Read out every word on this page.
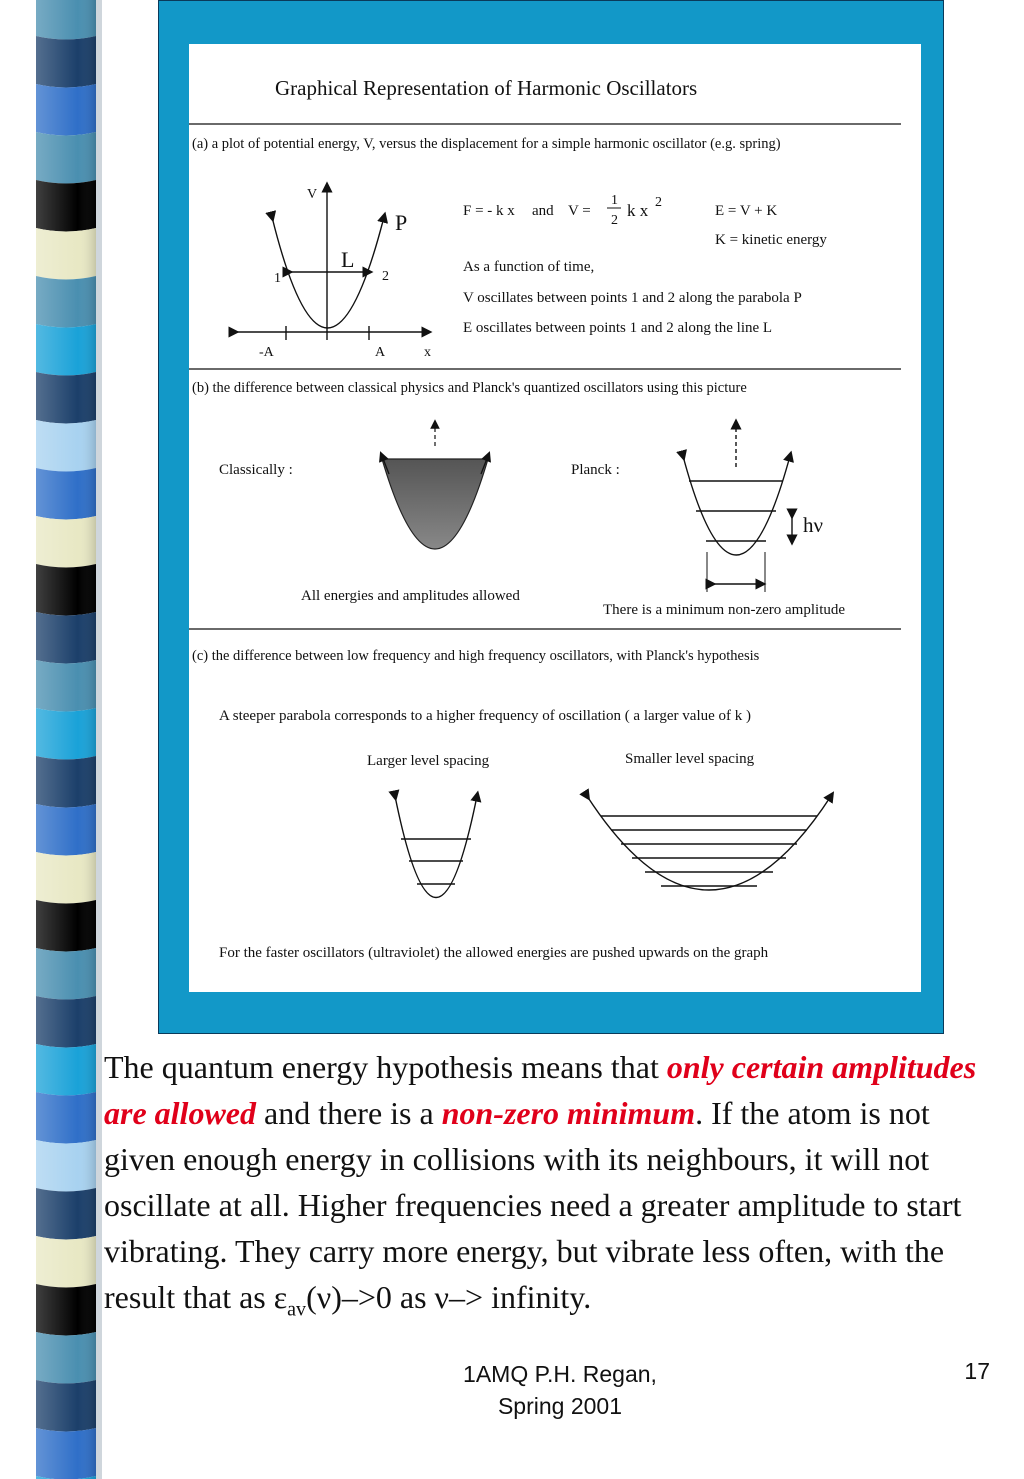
Graphical Representation of Harmonic Oscillators
(a) a plot of potential energy, V, versus the displacement for a simple harmonic oscillator (e.g. spring)
V
P
L
1	2
-A	A	x
F = - k x and V =
1
2
k x 2
E = V + K
K = kinetic energy
As a function of time,
V oscillates between points 1 and 2 along the parabola P
E oscillates between points 1 and 2 along the line L
(b) the difference between classical physics and Planck's quantized oscillators using this picture
Classically :
All energies and amplitudes allowed
Planck :
hν
There is a minimum non-zero amplitude
(c) the difference between low frequency and high frequency oscillators, with Planck's hypothesis
A steeper parabola corresponds to a higher frequency of oscillation ( a larger value of k )
Larger level spacing	Smaller level spacing
For the faster oscillators (ultraviolet) the allowed energies are pushed upwards on the graph
The quantum energy hypothesis means that only certain amplitudes are allowed and there is a non-zero minimum. If the atom is not given enough energy in collisions with its neighbours, it will not oscillate at all. Higher frequencies need a greater amplitude to start vibrating. They carry more energy, but vibrate less often, with the result that as $\varepsilon_{av}(\nu)->0$ as ν–> infinity.
1AMQ P.H. Regan,
Spring 2001
17
